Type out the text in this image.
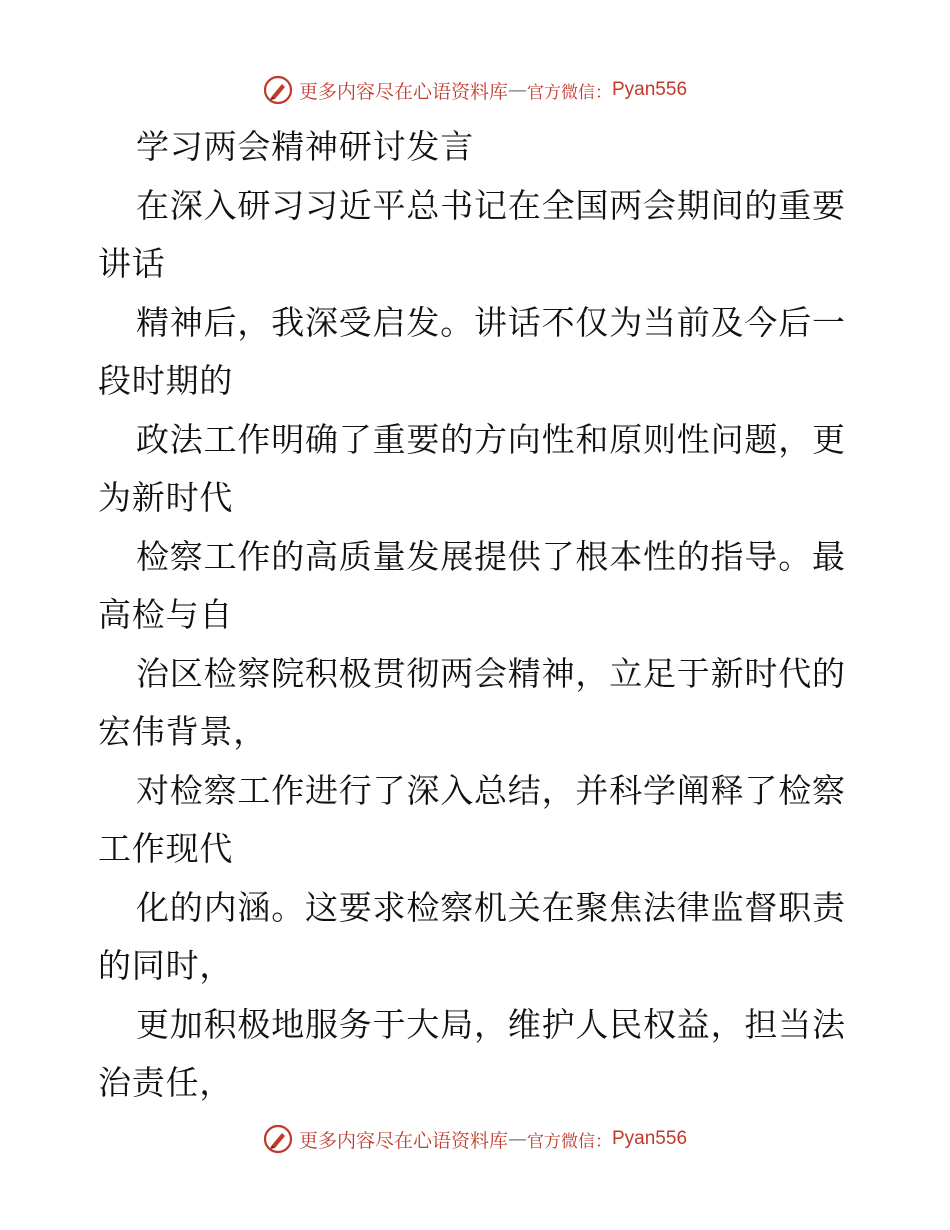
更多内容尽在心语资料库 — 官方微信： Pyan556
学习两会精神研讨发言
在深入研习习近平总书记在全国两会期间的重要
讲话
精神后，我深受启发。讲话不仅为当前及今后一
段时期的
政法工作明确了重要的方向性和原则性问题，更
为新时代
检察工作的高质量发展提供了根本性的指导。最
高检与自
治区检察院积极贯彻两会精神，立足于新时代的
宏伟背景，
对检察工作进行了深入总结，并科学阐释了检察
工作现代
化的内涵。这要求检察机关在聚焦法律监督职责
的同时，
更加积极地服务于大局，维护人民权益，担当法
治责任，
更多内容尽在心语资料库 — 官方微信： Pyan556
